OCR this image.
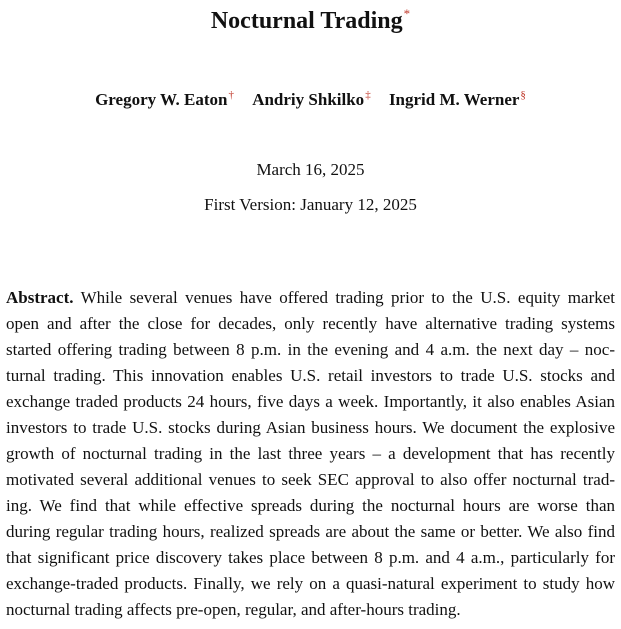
Nocturnal Trading*
Gregory W. Eaton† Andriy Shkilko‡ Ingrid M. Werner§
March 16, 2025
First Version: January 12, 2025
Abstract. While several venues have offered trading prior to the U.S. equity market
open and after the close for decades, only recently have alternative trading systems
started offering trading between 8 p.m. in the evening and 4 a.m. the next day – noc-
turnal trading. This innovation enables U.S. retail investors to trade U.S. stocks and
exchange traded products 24 hours, five days a week. Importantly, it also enables Asian
investors to trade U.S. stocks during Asian business hours. We document the explosive
growth of nocturnal trading in the last three years – a development that has recently
motivated several additional venues to seek SEC approval to also offer nocturnal trad-
ing. We find that while effective spreads during the nocturnal hours are worse than
during regular trading hours, realized spreads are about the same or better. We also find
that significant price discovery takes place between 8 p.m. and 4 a.m., particularly for
exchange-traded products. Finally, we rely on a quasi-natural experiment to study how
nocturnal trading affects pre-open, regular, and after-hours trading.
